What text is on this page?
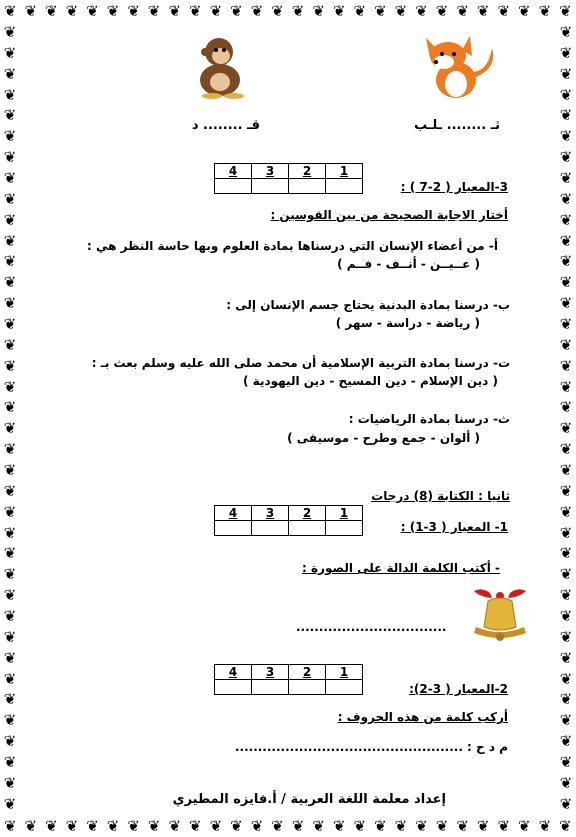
❦ ❦ ❦ ❦ ❦ ❦ ❦ ❦ ❦ ❦ ❦ ❦ ❦ ❦ ❦ ❦ ❦ ❦ ❦ ❦ ❦ ❦ ❦ ❦ ❦ ❦ ❦ ❦
❦ ❦ ❦ ❦ ❦ ❦ ❦ ❦ ❦ ❦ ❦ ❦ ❦ ❦ ❦ ❦ ❦ ❦ ❦ ❦ ❦ ❦ ❦ ❦ ❦ ❦ ❦ ❦
❦
❦
❦
❦
❦
❦
❦
❦
❦
❦
❦
❦
❦
❦
❦
❦
❦
❦
❦
❦
❦
❦
❦
❦
❦
❦
❦
❦
❦
❦
❦
❦
❦
❦
❦
❦
❦
❦
❦
❦
❦
❦
❦
❦
❦
❦
❦
❦
❦
❦
❦
❦
❦
❦
❦
❦
❦
❦
❦
❦
❦
❦
❦
❦
❦
❦
❦
❦
❦
❦
❦
❦
❦
❦
❦
❦
ثـ ........ ـلـب
قـ ........ د
4	3	2	1

3-المعيار ( 2-7 ) :
أختار الاجابة الصحيحة من بين القوسين :
أ- من أعضاء الإنسان التي درسناها بمادة العلوم وبها حاسة النظر هي :
( عــيــن - أنــف - فــم )
ب- درسنا بمادة البدنية يحتاج جسم الإنسان إلى :
( رياضة - دراسة - سهر )
ت- درسنا بمادة التربية الإسلامية أن محمد صلى الله عليه وسلم بعث بـ :
( دين الإسلام - دين المسيح - دين اليهودية )
ث- درسنا بمادة الرياضيات :
( ألوان - جمع وطرح - موسيقى )
ثانيا : الكتابة (8) درجات
4	3	2	1

1- المعيار ( 3-1) :
- أكتب الكلمة الدالة على الصورة :
.................................
4	3	2	1

2-المعيار ( 3-2):
أركب كلمة من هذه الحروف :
م د ح : ..................................................
إعداد معلمة اللغة العربية / أ.فايزه المطيري
